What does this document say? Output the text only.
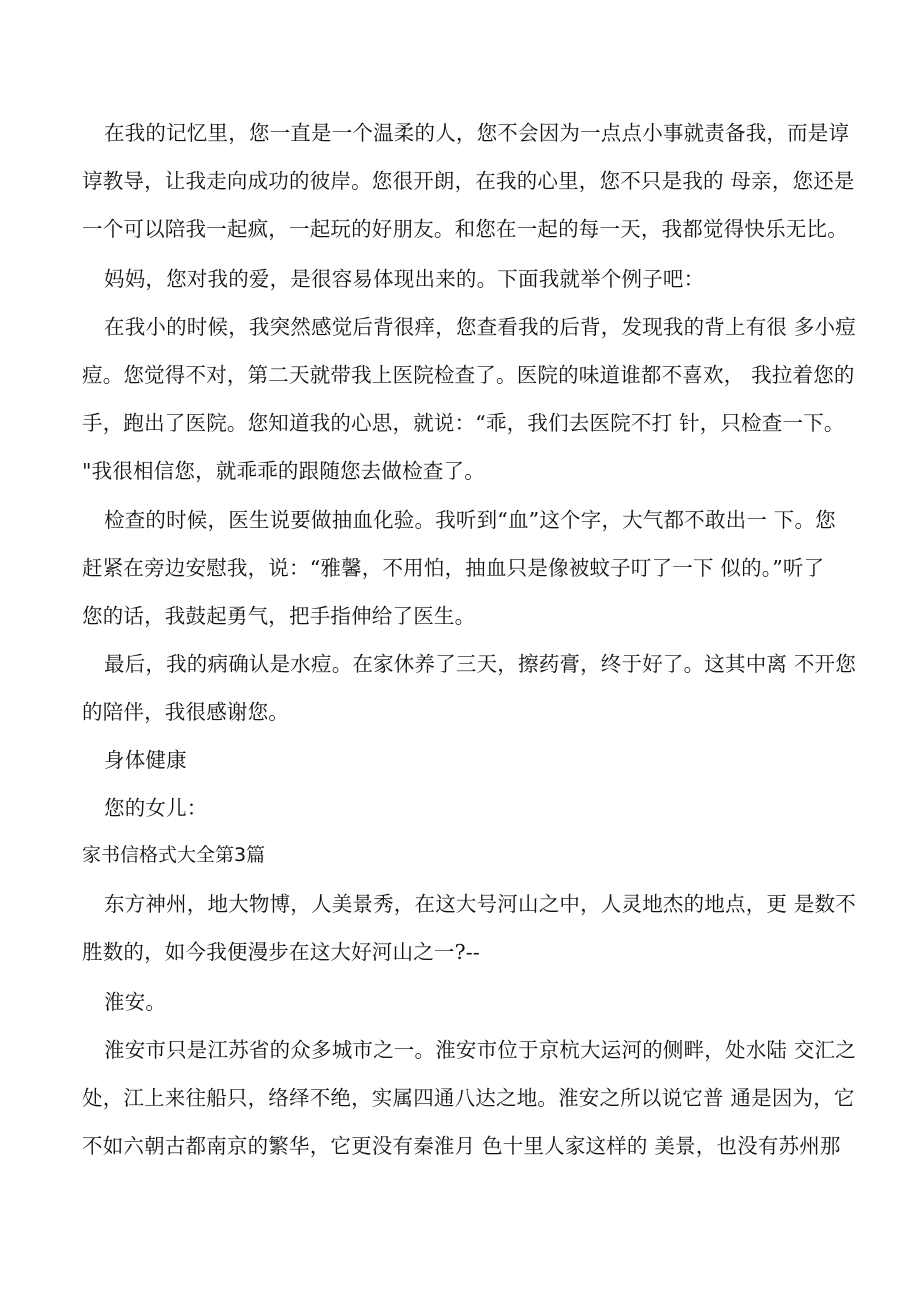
在我的记忆里，您一直是一个温柔的人，您不会因为一点点小事就责备我，而是谆
谆教导，让我走向成功的彼岸。您很开朗，在我的心里，您不只是我的 母亲，您还是
一个可以陪我一起疯，一起玩的好朋友。和您在一起的每一天，我都觉得快乐无比。
妈妈，您对我的爱，是很容易体现出来的。下面我就举个例子吧：
在我小的时候，我突然感觉后背很痒，您查看我的后背，发现我的背上有很 多小痘
痘。您觉得不对，第二天就带我上医院检查了。医院的味道谁都不喜欢， 我拉着您的
手，跑出了医院。您知道我的心思，就说：“乖，我们去医院不打 针，只检查一下。
"我很相信您，就乖乖的跟随您去做检查了。
检查的时候，医生说要做抽血化验。我听到“血”这个字，大气都不敢出一 下。您
赶紧在旁边安慰我，说：“雅馨，不用怕，抽血只是像被蚊子叮了一下 似的。”听了
您的话，我鼓起勇气，把手指伸给了医生。
最后，我的病确认是水痘。在家休养了三天，擦药膏，终于好了。这其中离 不开您
的陪伴，我很感谢您。
身体健康
您的女儿：
家书信格式大全第3篇
东方神州，地大物博，人美景秀，在这大号河山之中，人灵地杰的地点，更 是数不
胜数的，如今我便漫步在这大好河山之一?--
淮安。
淮安市只是江苏省的众多城市之一。淮安市位于京杭大运河的侧畔，处水陆 交汇之
处，江上来往船只，络绎不绝，实属四通八达之地。淮安之所以说它普 通是因为，它
不如六朝古都南京的繁华，它更没有秦淮月 色十里人家这样的 美景，也没有苏州那
